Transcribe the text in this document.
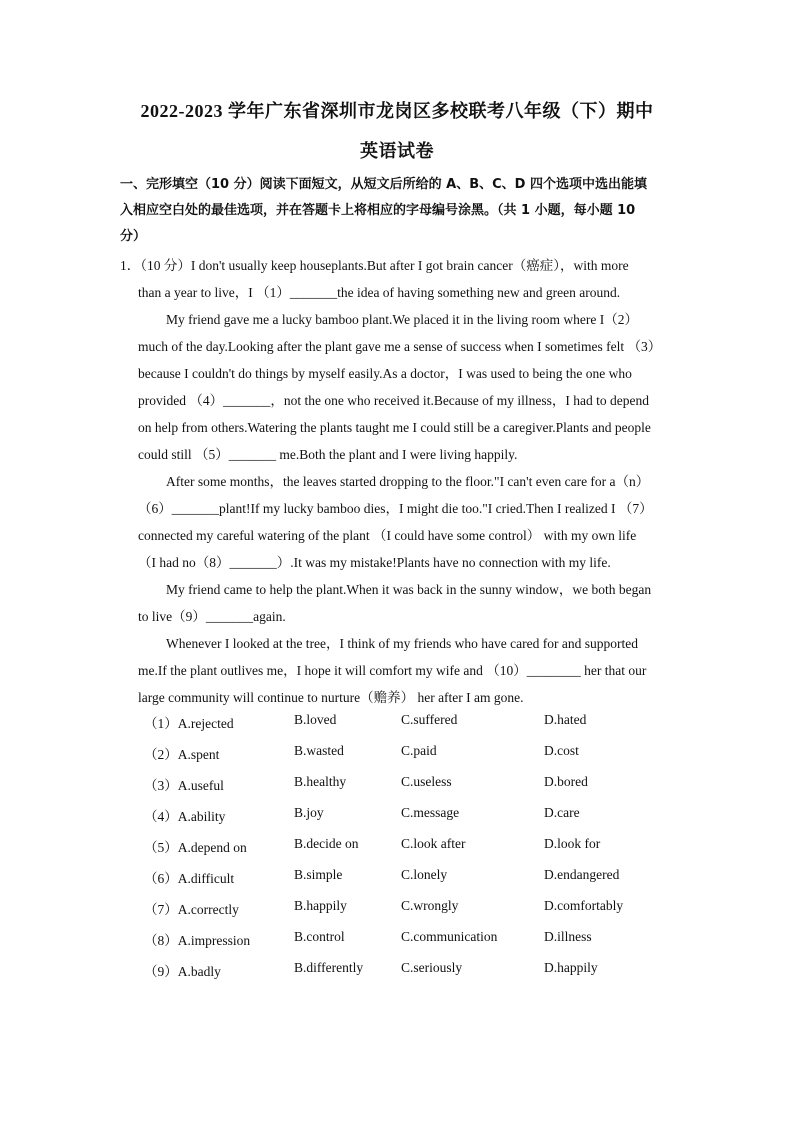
2022-2023 学年广东省深圳市龙岗区多校联考八年级（下）期中
英语试卷
一、完形填空（10 分）阅读下面短文，从短文后所给的 A、B、C、D 四个选项中选出能填
入相应空白处的最佳选项，并在答题卡上将相应的字母编号涂黑。（共 1 小题，每小题 10
分）
1．（10 分）I don't usually keep houseplants.But after I got brain cancer（癌症），with more
than a year to live，I （1）_______the idea of having something new and green around.
My friend gave me a lucky bamboo plant.We placed it in the living room where I（2）
much of the day.Looking after the plant gave me a sense of success when I sometimes felt （3）
because I couldn't do things by myself easily.As a doctor，I was used to being the one who
provided （4）_______，not the one who received it.Because of my illness，I had to depend
on help from others.Watering the plants taught me I could still be a caregiver.Plants and people
could still （5）_______ me.Both the plant and I were living happily.
After some months，the leaves started dropping to the floor."I can't even care for a（n）
（6）_______plant!If my lucky bamboo dies，I might die too."I cried.Then I realized I （7）
connected my careful watering of the plant （I could have some control） with my own life
（I had no（8）_______）.It was my mistake!Plants have no connection with my life.
My friend came to help the plant.When it was back in the sunny window，we both began
to live（9）_______again.
Whenever I looked at the tree，I think of my friends who have cared for and supported
me.If the plant outlives me，I hope it will comfort my wife and （10）________ her that our
large community will continue to nurture（赡养） her after I am gone.
（1）A.rejected	B.loved	C.suffered	D.hated
（2）A.spent	B.wasted	C.paid	D.cost
（3）A.useful	B.healthy	C.useless	D.bored
（4）A.ability	B.joy	C.message	D.care
（5）A.depend on	B.decide on	C.look after	D.look for
（6）A.difficult	B.simple	C.lonely	D.endangered
（7）A.correctly	B.happily	C.wrongly	D.comfortably
（8）A.impression	B.control	C.communication	D.illness
（9）A.badly	B.differently	C.seriously	D.happily
